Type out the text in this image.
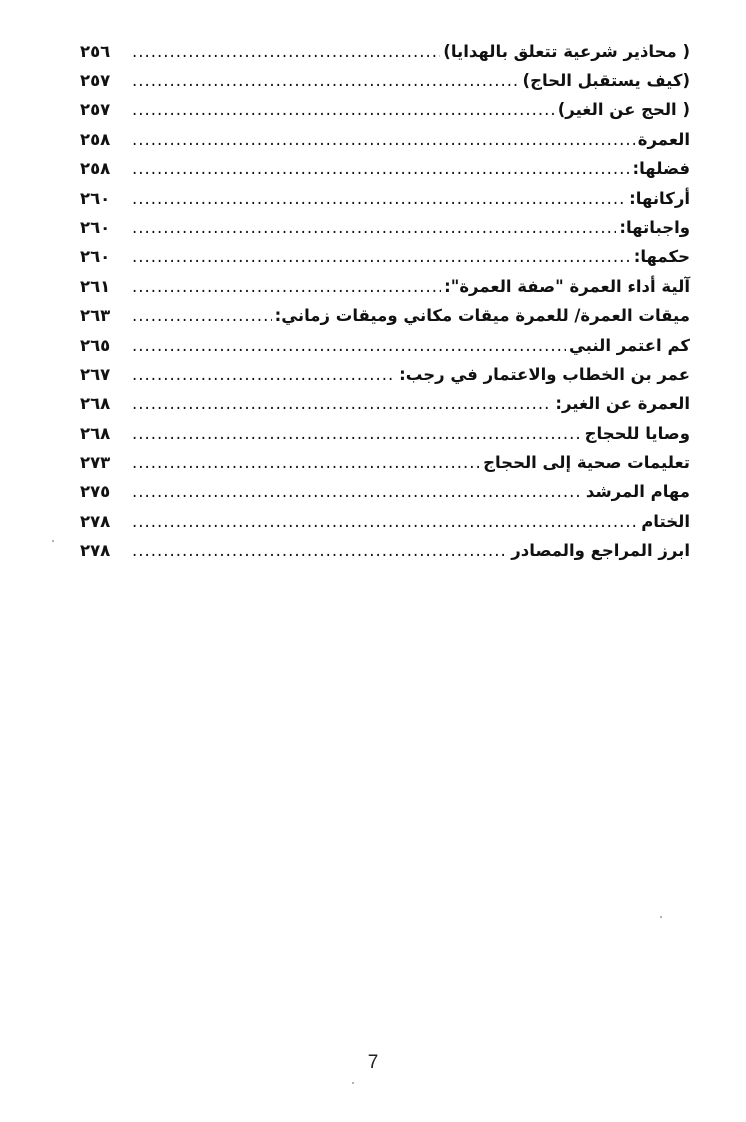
( محاذير شرعية تتعلق بالهدايا)
.....
٢٥٦
(كيف يستقبل الحاج)
.....
٢٥٧
( الحج عن الغير)
.....
٢٥٧
العمرة
.....
٢٥٨
فضلها:
.....
٢٥٨
أركانها:
.....
٢٦٠
واجباتها:
.....
٢٦٠
حكمها:
.....
٢٦٠
آلية أداء العمرة "صفة العمرة":
.....
٢٦١
ميقات العمرة/ للعمرة ميقات مكاني وميقات زماني:
.....
٢٦٣
كم اعتمر النبي
.....
٢٦٥
عمر بن الخطاب والاعتمار في رجب:
.....
٢٦٧
العمرة عن الغير:
.....
٢٦٨
وصايا للحجاج
.....
٢٦٨
تعليمات صحية إلى الحجاج
.....
٢٧٣
مهام المرشد
.....
٢٧٥
الختام
.....
٢٧٨
ابرز المراجع والمصادر
.....
٢٧٨
7
